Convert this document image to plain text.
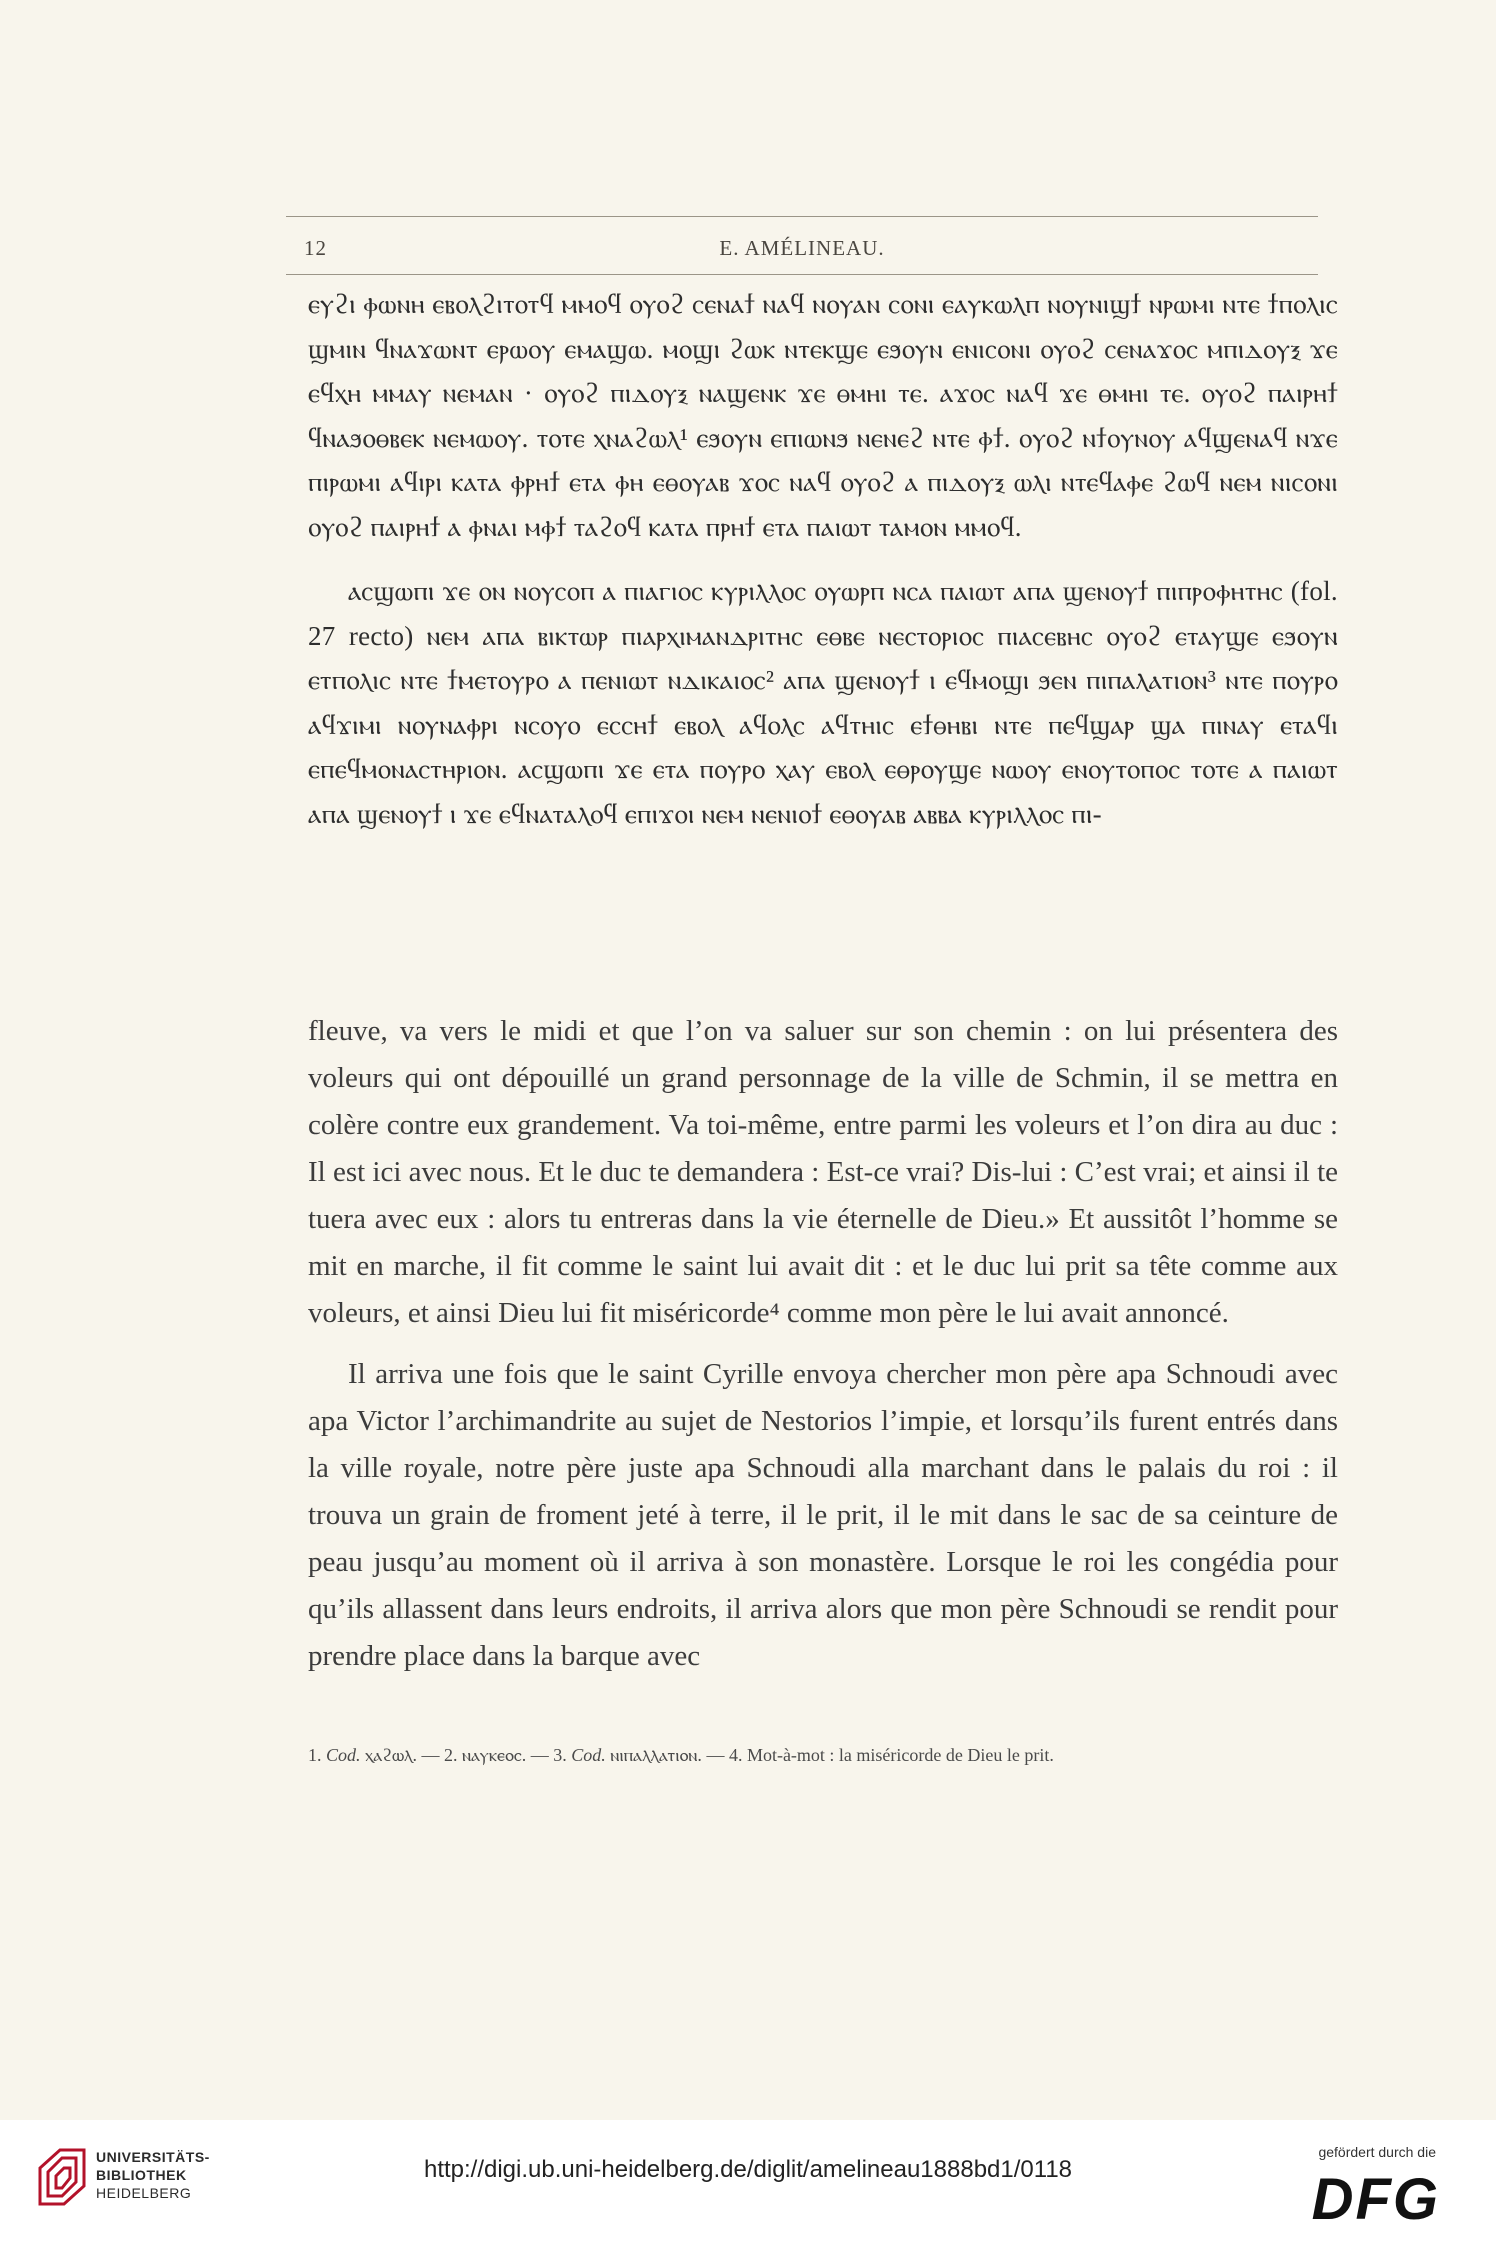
12	E. AMÉLINEAU.

ⲉⲩϩⲓ ⲫⲱⲛⲏ ⲉⲃⲟⲗϩⲓⲧⲟⲧϥ ⲙⲙⲟϥ ⲟⲩⲟϩ ⲥⲉⲛⲁϯ ⲛⲁϥ ⲛⲟⲩⲁⲛ ⲥⲟⲛⲓ ⲉⲁⲩⲕⲱⲗⲡ ⲛⲟⲩⲛⲓϣϯ ⲛⲣⲱⲙⲓ ⲛⲧⲉ ϯⲡⲟⲗⲓⲥ ϣⲙⲓⲛ ϥⲛⲁϫⲱⲛⲧ ⲉⲣⲱⲟⲩ ⲉⲙⲁϣⲱ. ⲙⲟϣⲓ ϩⲱⲕ ⲛⲧⲉⲕϣⲉ ⲉϧⲟⲩⲛ ⲉⲛⲓⲥⲟⲛⲓ ⲟⲩⲟϩ ⲥⲉⲛⲁϫⲟⲥ ⲙⲡⲓⲇⲟⲩⲝ ϫⲉ ⲉϥⲭⲏ ⲙⲙⲁⲩ ⲛⲉⲙⲁⲛ · ⲟⲩⲟϩ ⲡⲓⲇⲟⲩⲝ ⲛⲁϣⲉⲛⲕ ϫⲉ ⲑⲙⲏⲓ ⲧⲉ. ⲁϫⲟⲥ ⲛⲁϥ ϫⲉ ⲑⲙⲏⲓ ⲧⲉ. ⲟⲩⲟϩ ⲡⲁⲓⲣⲏϯ ϥⲛⲁϧⲟⲑⲃⲉⲕ ⲛⲉⲙⲱⲟⲩ. ⲧⲟⲧⲉ ⲭⲛⲁϩⲱⲗ¹ ⲉϧⲟⲩⲛ ⲉⲡⲓⲱⲛϧ ⲛⲉⲛⲉϩ ⲛⲧⲉ ⲫϯ. ⲟⲩⲟϩ ⲛϯⲟⲩⲛⲟⲩ ⲁϥϣⲉⲛⲁϥ ⲛϫⲉ ⲡⲓⲣⲱⲙⲓ ⲁϥⲓⲣⲓ ⲕⲁⲧⲁ ⲫⲣⲏϯ ⲉⲧⲁ ⲫⲏ ⲉⲑⲟⲩⲁⲃ ϫⲟⲥ ⲛⲁϥ ⲟⲩⲟϩ ⲁ ⲡⲓⲇⲟⲩⲝ ⲱⲗⲓ ⲛⲧⲉϥⲁⲫⲉ ϩⲱϥ ⲛⲉⲙ ⲛⲓⲥⲟⲛⲓ ⲟⲩⲟϩ ⲡⲁⲓⲣⲏϯ ⲁ ⲫⲛⲁⲓ ⲙⲫϯ ⲧⲁϩⲟϥ ⲕⲁⲧⲁ ⲡⲣⲏϯ ⲉⲧⲁ ⲡⲁⲓⲱⲧ ⲧⲁⲙⲟⲛ ⲙⲙⲟϥ.

ⲁⲥϣⲱⲡⲓ ϫⲉ ⲟⲛ ⲛⲟⲩⲥⲟⲡ ⲁ ⲡⲓⲁⲅⲓⲟⲥ ⲕⲩⲣⲓⲗⲗⲟⲥ ⲟⲩⲱⲣⲡ ⲛⲥⲁ ⲡⲁⲓⲱⲧ ⲁⲡⲁ ϣⲉⲛⲟⲩϯ ⲡⲓⲡⲣⲟⲫⲏⲧⲏⲥ (fol. 27 recto) ⲛⲉⲙ ⲁⲡⲁ ⲃⲓⲕⲧⲱⲣ ⲡⲓⲁⲣⲭⲓⲙⲁⲛⲇⲣⲓⲧⲏⲥ ⲉⲑⲃⲉ ⲛⲉⲥⲧⲟⲣⲓⲟⲥ ⲡⲓⲁⲥⲉⲃⲏⲥ ⲟⲩⲟϩ ⲉⲧⲁⲩϣⲉ ⲉϧⲟⲩⲛ ⲉⲧⲡⲟⲗⲓⲥ ⲛⲧⲉ ϯⲙⲉⲧⲟⲩⲣⲟ ⲁ ⲡⲉⲛⲓⲱⲧ ⲛⲇⲓⲕⲁⲓⲟⲥ² ⲁⲡⲁ ϣⲉⲛⲟⲩϯ ⲓ ⲉϥⲙⲟϣⲓ ϧⲉⲛ ⲡⲓⲡⲁⲗⲁⲧⲓⲟⲛ³ ⲛⲧⲉ ⲡⲟⲩⲣⲟ ⲁϥϫⲓⲙⲓ ⲛⲟⲩⲛⲁⲫⲣⲓ ⲛⲥⲟⲩⲟ ⲉⲥⲥⲏϯ ⲉⲃⲟⲗ ⲁϥⲟⲗⲥ ⲁϥⲧⲏⲓⲥ ⲉϯⲑⲏⲃⲓ ⲛⲧⲉ ⲡⲉϥϣⲁⲣ ϣⲁ ⲡⲓⲛⲁⲩ ⲉⲧⲁϥⲓ ⲉⲡⲉϥⲙⲟⲛⲁⲥⲧⲏⲣⲓⲟⲛ. ⲁⲥϣⲱⲡⲓ ϫⲉ ⲉⲧⲁ ⲡⲟⲩⲣⲟ ⲭⲁⲩ ⲉⲃⲟⲗ ⲉⲑⲣⲟⲩϣⲉ ⲛⲱⲟⲩ ⲉⲛⲟⲩⲧⲟⲡⲟⲥ ⲧⲟⲧⲉ ⲁ ⲡⲁⲓⲱⲧ ⲁⲡⲁ ϣⲉⲛⲟⲩϯ ⲓ ϫⲉ ⲉϥⲛⲁⲧⲁⲗⲟϥ ⲉⲡⲓϫⲟⲓ ⲛⲉⲙ ⲛⲉⲛⲓⲟϯ ⲉⲑⲟⲩⲁⲃ ⲁⲃⲃⲁ ⲕⲩⲣⲓⲗⲗⲟⲥ ⲡⲓ-

fleuve, va vers le midi et que l’on va saluer sur son chemin : on lui présentera des voleurs qui ont dépouillé un grand personnage de la ville de Schmin, il se mettra en colère contre eux grandement. Va toi-même, entre parmi les voleurs et l’on dira au duc : Il est ici avec nous. Et le duc te demandera : Est-ce vrai? Dis-lui : C’est vrai; et ainsi il te tuera avec eux : alors tu entreras dans la vie éternelle de Dieu.» Et aussitôt l’homme se mit en marche, il fit comme le saint lui avait dit : et le duc lui prit sa tête comme aux voleurs, et ainsi Dieu lui fit miséricorde⁴ comme mon père le lui avait annoncé.

Il arriva une fois que le saint Cyrille envoya chercher mon père apa Schnoudi avec apa Victor l’archimandrite au sujet de Nestorios l’impie, et lorsqu’ils furent entrés dans la ville royale, notre père juste apa Schnoudi alla marchant dans le palais du roi : il trouva un grain de froment jeté à terre, il le prit, il le mit dans le sac de sa ceinture de peau jusqu’au moment où il arriva à son monastère. Lorsque le roi les congédia pour qu’ils allassent dans leurs endroits, il arriva alors que mon père Schnoudi se rendit pour prendre place dans la barque avec

1. Cod. ⲭⲁϩⲱⲗ. — 2. ⲛⲁⲩⲕⲉⲟⲥ. — 3. Cod. ⲛⲓⲡⲁⲗⲗⲁⲧⲓⲟⲛ. — 4. Mot-à-mot : la miséricorde de Dieu le prit.
UNIVERSITÄTS-
BIBLIOTHEK
HEIDELBERG
http://digi.ub.uni-heidelberg.de/diglit/amelineau1888bd1/0118
gefördert durch die
DFG
